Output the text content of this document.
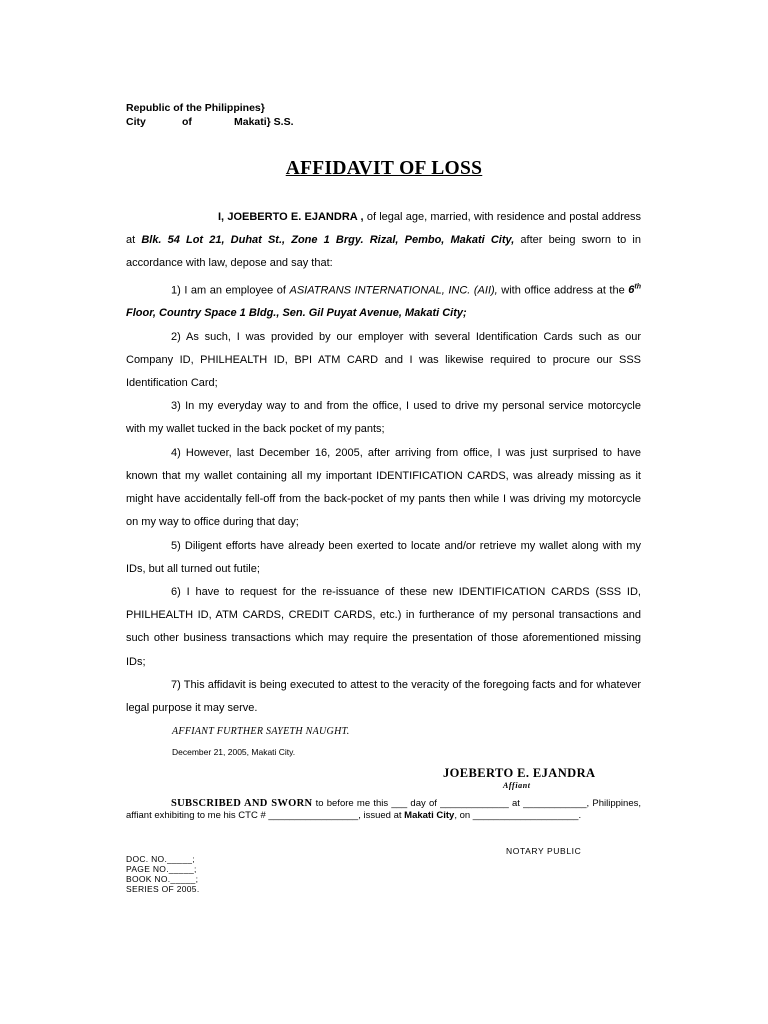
Republic of the Philippines}
City	of	Makati} S.S.
AFFIDAVIT OF LOSS

I, JOEBERTO E. EJANDRA , of legal age, married, with residence and postal address at Blk. 54 Lot 21, Duhat St., Zone 1 Brgy. Rizal, Pembo, Makati City, after being sworn to in accordance with law, depose and say that:

1) I am an employee of ASIATRANS INTERNATIONAL, INC. (AII), with office address at the 6th Floor, Country Space 1 Bldg., Sen. Gil Puyat Avenue, Makati City;

2) As such, I was provided by our employer with several Identification Cards such as our Company ID, PHILHEALTH ID, BPI ATM CARD and I was likewise required to procure our SSS Identification Card;

3) In my everyday way to and from the office, I used to drive my personal service motorcycle with my wallet tucked in the back pocket of my pants;

4) However, last December 16, 2005, after arriving from office, I was just surprised to have known that my wallet containing all my important IDENTIFICATION CARDS, was already missing as it might have accidentally fell-off from the back-pocket of my pants then while I was driving my motorcycle on my way to office during that day;

5) Diligent efforts have already been exerted to locate and/or retrieve my wallet along with my IDs, but all turned out futile;

6) I have to request for the re-issuance of these new IDENTIFICATION CARDS (SSS ID, PHILHEALTH ID, ATM CARDS, CREDIT CARDS, etc.) in furtherance of my personal transactions and such other business transactions which may require the presentation of those aforementioned missing IDs;

7) This affidavit is being executed to attest to the veracity of the foregoing facts and for whatever legal purpose it may serve.

AFFIANT FURTHER SAYETH NAUGHT.
December 21, 2005, Makati City.
JOEBERTO E. EJANDRA
Affiant

SUBSCRIBED AND SWORN to before me this ___ day of _____________ at ____________, Philippines, affiant exhibiting to me his CTC # _________________, issued at Makati City, on ____________________.

NOTARY PUBLIC
DOC. NO._____;
PAGE NO._____;
BOOK NO._____;
SERIES OF 2005.
